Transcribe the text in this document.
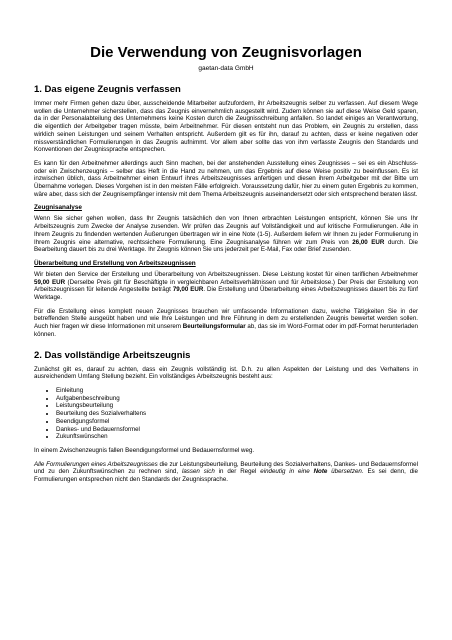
Die Verwendung von Zeugnisvorlagen
gaetan-data GmbH
1. Das eigene Zeugnis verfassen

Immer mehr Firmen gehen dazu über, ausscheidende Mitarbeiter aufzufordern, ihr Arbeitszeugnis selber zu verfassen. Auf diesem Wege wollen die Unternehmer sicherstellen, dass das Zeugnis einvernehmlich ausgestellt wird. Zudem können sie auf diese Weise Geld sparen, da in der Personalabteilung des Unternehmens keine Kosten durch die Zeugnisschreibung anfallen. So landet einiges an Verantwortung, die eigentlich der Arbeitgeber tragen müsste, beim Arbeitnehmer. Für diesen entsteht nun das Problem, ein Zeugnis zu erstellen, dass wirklich seinen Leistungen und seinem Verhalten entspricht. Außerdem gilt es für ihn, darauf zu achten, dass er keine negativen oder missverständlichen Formulierungen in das Zeugnis aufnimmt. Vor allem aber sollte das von ihm verfasste Zeugnis den Standards und Konventionen der Zeugnissprache entsprechen.

Es kann für den Arbeitnehmer allerdings auch Sinn machen, bei der anstehenden Ausstellung eines Zeugnisses – sei es ein Abschluss- oder ein Zwischenzeugnis – selber das Heft in die Hand zu nehmen, um das Ergebnis auf diese Weise positiv zu beeinflussen. Es ist inzwischen üblich, dass Arbeitnehmer einen Entwurf ihres Arbeitszeugnisses anfertigen und diesen ihrem Arbeitgeber mit der Bitte um Übernahme vorlegen. Dieses Vorgehen ist in den meisten Fälle erfolgreich. Voraussetzung dafür, hier zu einem guten Ergebnis zu kommen, wäre aber, dass sich der Zeugnisempfänger intensiv mit dem Thema Arbeitszeugnis auseinandersetzt oder sich entsprechend beraten lässt.

Zeugnisanalyse

Wenn Sie sicher gehen wollen, dass Ihr Zeugnis tatsächlich den von Ihnen erbrachten Leistungen entspricht, können Sie uns Ihr Arbeitszeugnis zum Zwecke der Analyse zusenden. Wir prüfen das Zeugnis auf Vollständigkeit und auf kritische Formulierungen. Alle in Ihrem Zeugnis zu findenden wertenden Äußerungen übertragen wir in eine Note (1-5). Außerdem liefern wir Ihnen zu jeder Formulierung in Ihrem Zeugnis eine alternative, rechtssichere Formulierung. Eine Zeugnisanalyse führen wir zum Preis von 26,00 EUR durch. Die Bearbeitung dauert bis zu drei Werktage. Ihr Zeugnis können Sie uns jederzeit per E-Mail, Fax oder Brief zusenden.

Überarbeitung und Erstellung von Arbeitszeugnissen

Wir bieten den Service der Erstellung und Überarbeitung von Arbeitszeugnissen. Diese Leistung kostet für einen tariflichen Arbeitnehmer 59,00 EUR (Derselbe Preis gilt für Beschäftigte in vergleichbaren Arbeitsverhältnissen und für Arbeitslose.) Der Preis der Erstellung von Arbeitszeugnissen für leitende Angestellte beträgt 79,00 EUR. Die Erstellung und Überarbeitung eines Arbeitszeugnisses dauert bis zu fünf Werktage.

Für die Erstellung eines komplett neuen Zeugnisses brauchen wir umfassende Informationen dazu, welche Tätigkeiten Sie in der betreffenden Stelle ausgeübt haben und wie Ihre Leistungen und Ihre Führung in dem zu erstellenden Zeugnis bewertet werden sollen. Auch hier fragen wir diese Informationen mit unserem Beurteilungsformular ab, das sie im Word-Format oder im pdf-Format herunterladen können.

2. Das vollständige Arbeitszeugnis

Zunächst gilt es, darauf zu achten, dass ein Zeugnis vollständig ist. D.h. zu allen Aspekten der Leistung und des Verhaltens in ausreichendem Umfang Stellung bezieht. Ein vollständiges Arbeitszeugnis besteht aus:

• Einleitung
• Aufgabenbeschreibung
• Leistungsbeurteilung
• Beurteilung des Sozialverhaltens
• Beendigungsformel
• Dankes- und Bedauernsformel
• Zukunftswünschen

In einem Zwischenzeugnis fallen Beendigungsformel und Bedauernsformel weg.

Alle Formulierungen eines Arbeitszeugnisses die zur Leistungsbeurteilung, Beurteilung des Sozialverhaltens, Dankes- und Bedauernsformel und zu den Zukunftswünschen zu rechnen sind, lassen sich in der Regel eindeutig in eine Note übersetzen. Es sei denn, die Formulierungen entsprechen nicht den Standards der Zeugnissprache.
